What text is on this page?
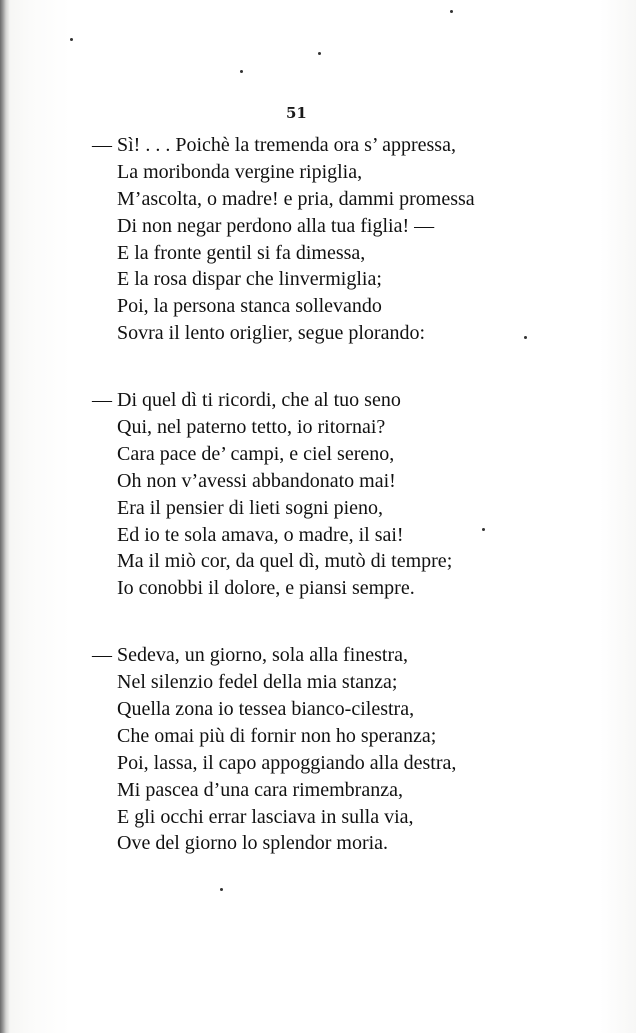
51
— Sì! . . . Poichè la tremenda ora s’ appressa,
La moribonda vergine ripiglia,
M’ascolta, o madre! e pria, dammi promessa
Di non negar perdono alla tua figlia! —
E la fronte gentil si fa dimessa,
E la rosa dispar che linvermiglia;
Poi, la persona stanca sollevando
Sovra il lento origlier, segue plorando:
— Di quel dì ti ricordi, che al tuo seno
Qui, nel paterno tetto, io ritornai?
Cara pace de’ campi, e ciel sereno,
Oh non v’avessi abbandonato mai!
Era il pensier di lieti sogni pieno,
Ed io te sola amava, o madre, il sai!
Ma il miò cor, da quel dì, mutò di tempre;
Io conobbi il dolore, e piansi sempre.
— Sedeva, un giorno, sola alla finestra,
Nel silenzio fedel della mia stanza;
Quella zona io tessea bianco-cilestra,
Che omai più di fornir non ho speranza;
Poi, lassa, il capo appoggiando alla destra,
Mi pascea d’una cara rimembranza,
E gli occhi errar lasciava in sulla via,
Ove del giorno lo splendor moria.
